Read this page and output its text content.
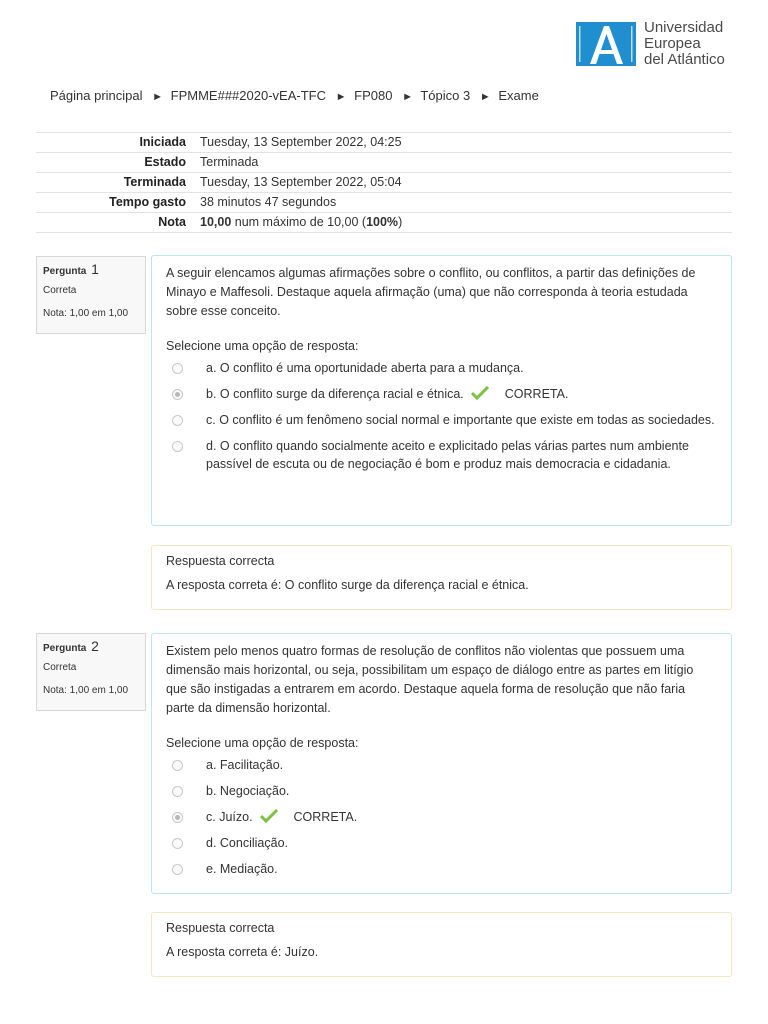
Universidad
Europea
del Atlántico
Página principal ► FPMME###2020-vEA-TFC ► FP080 ► Tópico 3 ► Exame
Iniciada	Tuesday, 13 September 2022, 04:25
Estado	Terminada
Terminada	Tuesday, 13 September 2022, 05:04
Tempo gasto	38 minutos 47 segundos
Nota	10,00 num máximo de 10,00 (100%)
Pergunta 1
Correta
Nota: 1,00 em 1,00
A seguir elencamos algumas afirmações sobre o conflito, ou conflitos, a partir das definições de Minayo e Maffesoli. Destaque aquela afirmação (uma) que não corresponda à teoria estudada sobre esse conceito.
Selecione uma opção de resposta:
a. O conflito é uma oportunidade aberta para a mudança.
b. O conflito surge da diferença racial e étnica.	CORRETA.
c. O conflito é um fenômeno social normal e importante que existe em todas as sociedades.
d. O conflito quando socialmente aceito e explicitado pelas várias partes num ambiente passível de escuta ou de negociação é bom e produz mais democracia e cidadania.
Respuesta correcta
A resposta correta é: O conflito surge da diferença racial e étnica.
Pergunta 2
Correta
Nota: 1,00 em 1,00
Existem pelo menos quatro formas de resolução de conflitos não violentas que possuem uma dimensão mais horizontal, ou seja, possibilitam um espaço de diálogo entre as partes em litígio que são instigadas a entrarem em acordo. Destaque aquela forma de resolução que não faria parte da dimensão horizontal.
Selecione uma opção de resposta:
a. Facilitação.
b. Negociação.
c. Juízo.	CORRETA.
d. Conciliação.
e. Mediação.
Respuesta correcta
A resposta correta é: Juízo.
